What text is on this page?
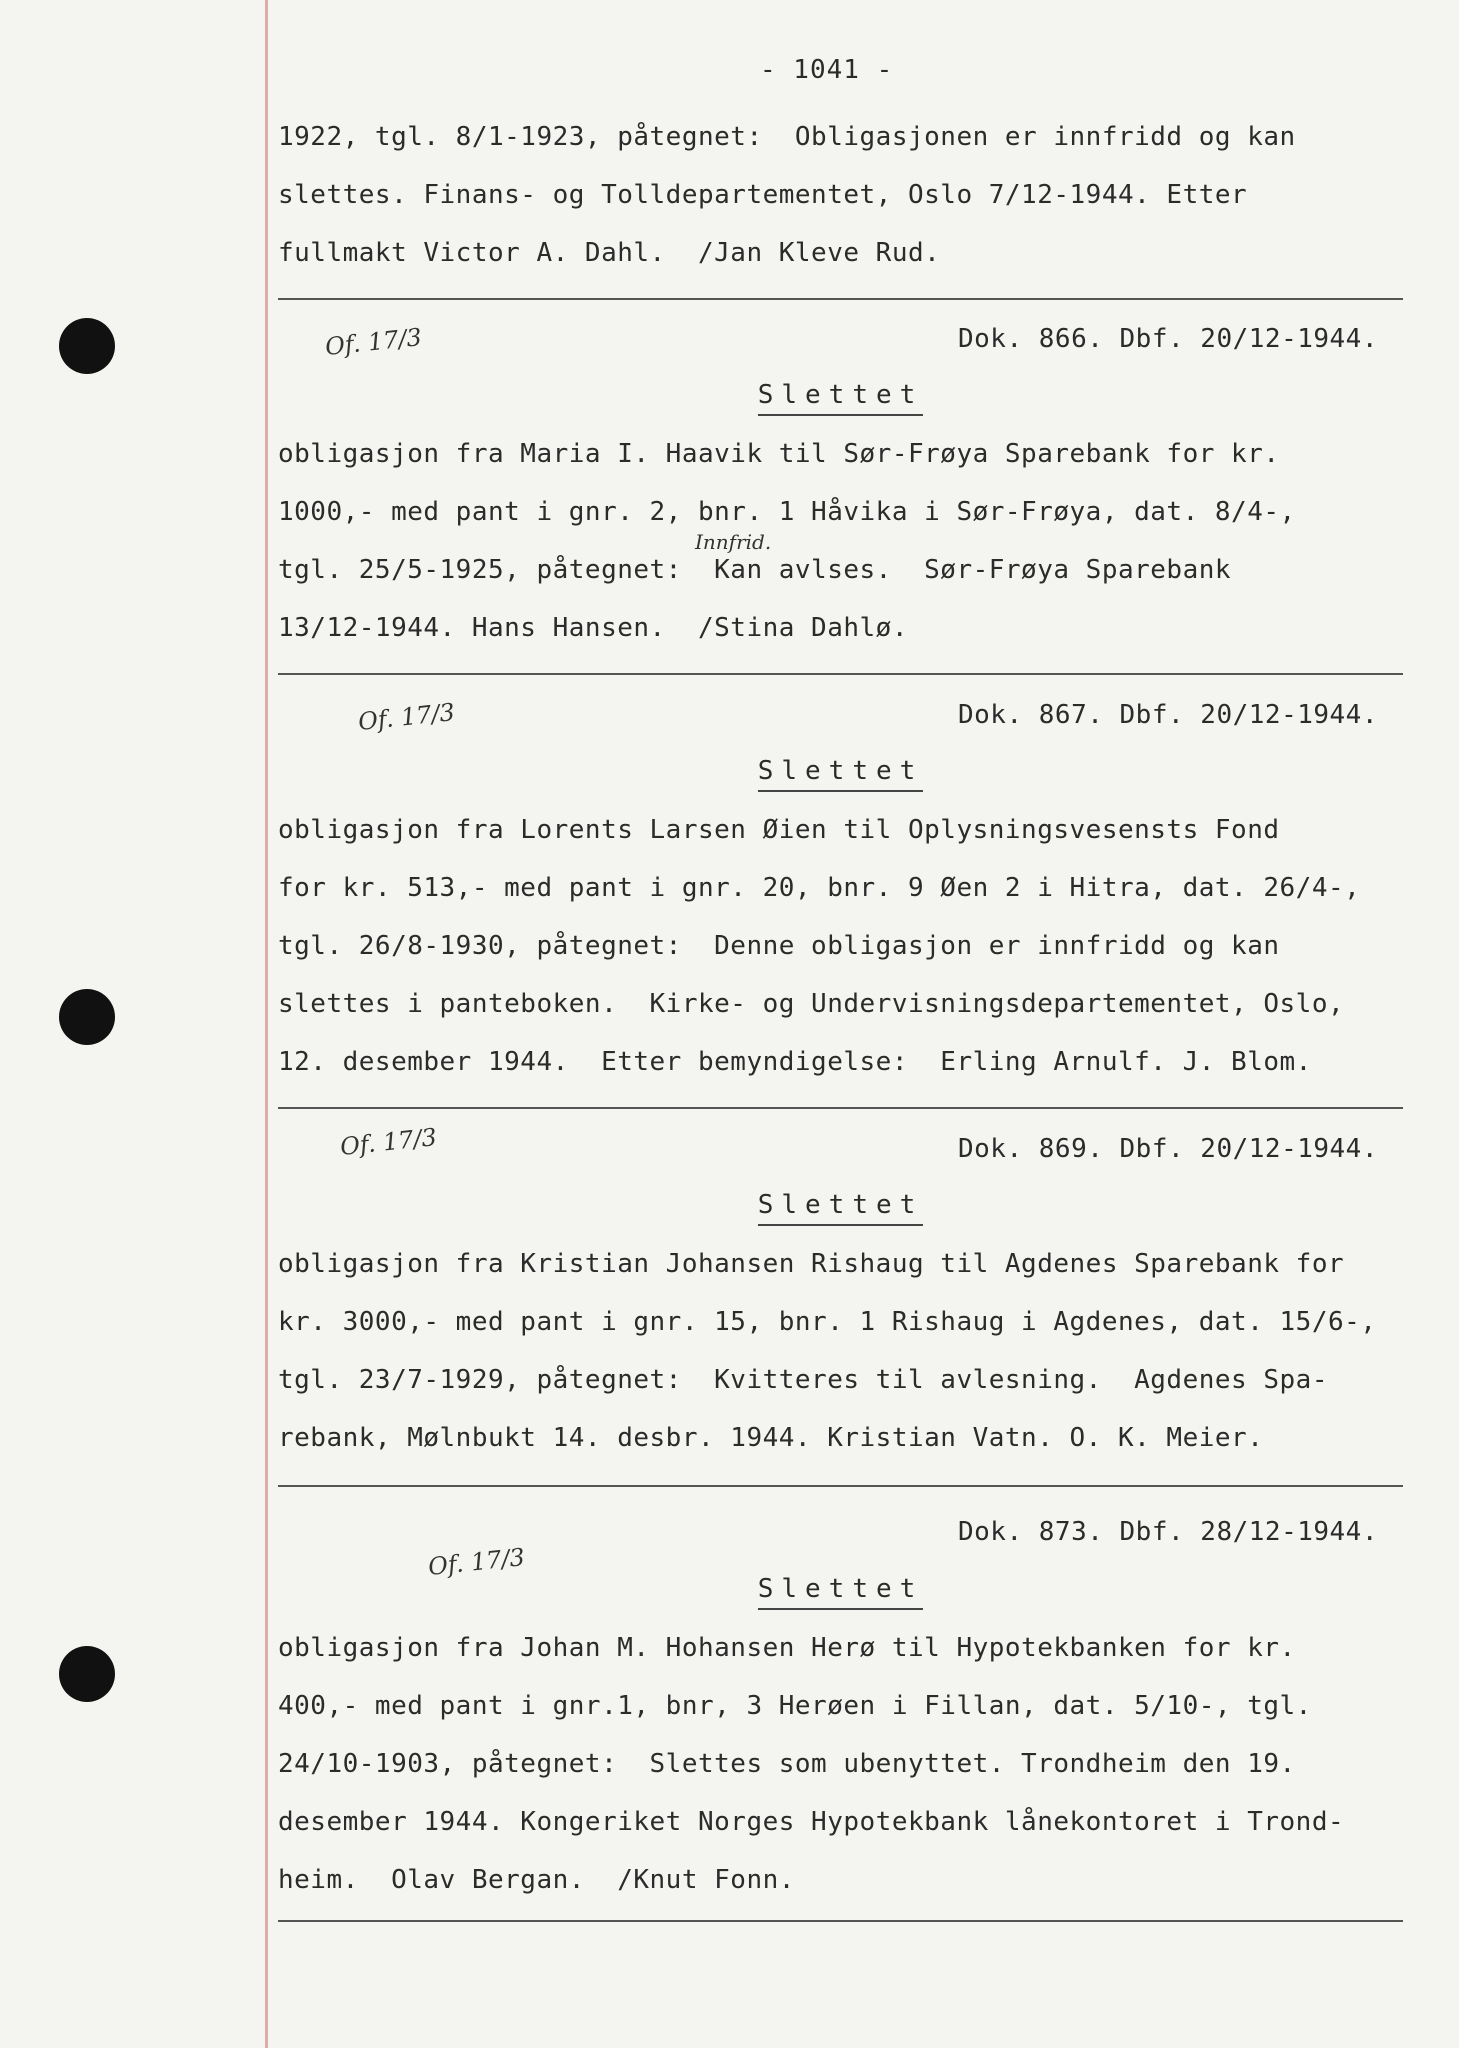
- 1041 -
1922, tgl. 8/1-1923, påtegnet:  Obligasjonen er innfridd og kan
slettes. Finans- og Tolldepartementet, Oslo 7/12-1944. Etter
fullmakt Victor A. Dahl.  /Jan Kleve Rud.
Of. 17/3	Dok. 866. Dbf. 20/12-1944.
Slettet
obligasjon fra Maria I. Haavik til Sør-Frøya Sparebank for kr.
1000,- med pant i gnr. 2, bnr. 1 Håvika i Sør-Frøya, dat. 8/4-,
Innfrid.
tgl. 25/5-1925, påtegnet:  Kan avlses.  Sør-Frøya Sparebank
13/12-1944. Hans Hansen.  /Stina Dahlø.
Of. 17/3	Dok. 867. Dbf. 20/12-1944.
Slettet
obligasjon fra Lorents Larsen Øien til Oplysningsvesensts Fond
for kr. 513,- med pant i gnr. 20, bnr. 9 Øen 2 i Hitra, dat. 26/4-,
tgl. 26/8-1930, påtegnet:  Denne obligasjon er innfridd og kan
slettes i panteboken.  Kirke- og Undervisningsdepartementet, Oslo,
12. desember 1944.  Etter bemyndigelse:  Erling Arnulf. J. Blom.
Of. 17/3	Dok. 869. Dbf. 20/12-1944.
Slettet
obligasjon fra Kristian Johansen Rishaug til Agdenes Sparebank for
kr. 3000,- med pant i gnr. 15, bnr. 1 Rishaug i Agdenes, dat. 15/6-,
tgl. 23/7-1929, påtegnet:  Kvitteres til avlesning.  Agdenes Spa-
rebank, Mølnbukt 14. desbr. 1944. Kristian Vatn. O. K. Meier.
Of. 17/3
Dok. 873. Dbf. 28/12-1944.
Slettet
obligasjon fra Johan M. Hohansen Herø til Hypotekbanken for kr.
400,- med pant i gnr.1, bnr, 3 Herøen i Fillan, dat. 5/10-, tgl.
24/10-1903, påtegnet:  Slettes som ubenyttet. Trondheim den 19.
desember 1944. Kongeriket Norges Hypotekbank lånekontoret i Trond-
heim.  Olav Bergan.  /Knut Fonn.
